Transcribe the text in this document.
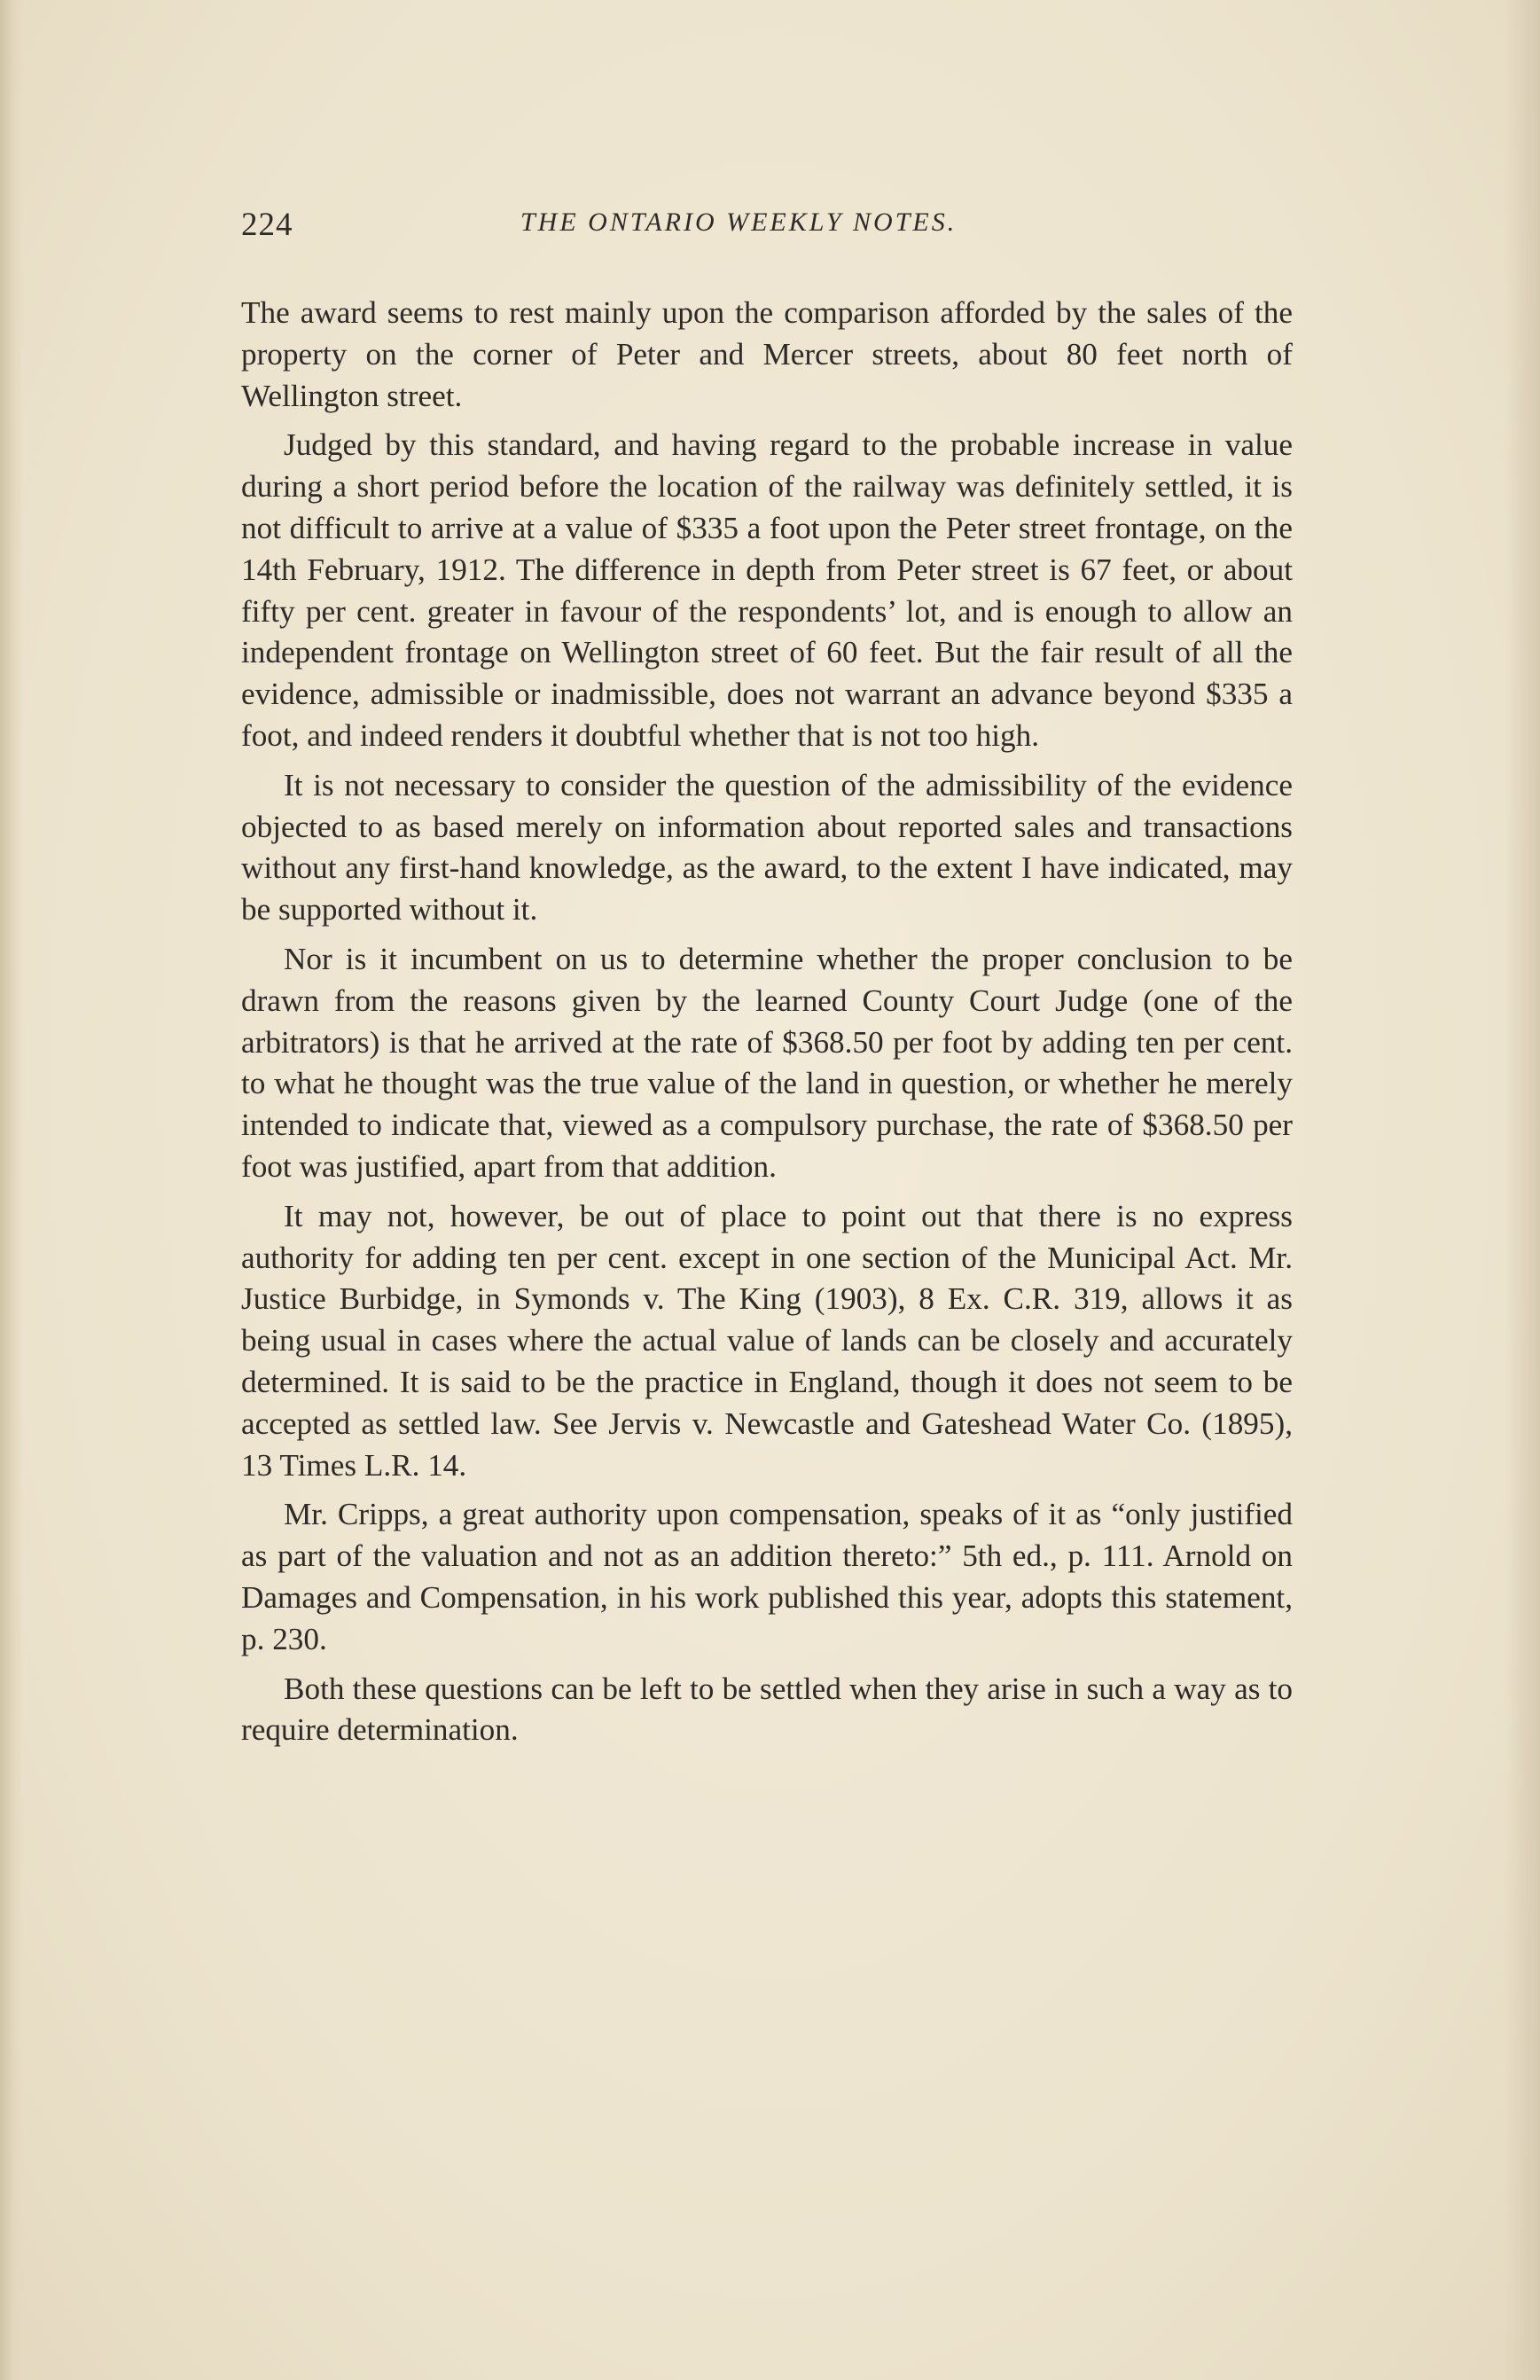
224	THE ONTARIO WEEKLY NOTES.

The award seems to rest mainly upon the comparison afforded by the sales of the property on the corner of Peter and Mercer streets, about 80 feet north of Wellington street.

Judged by this standard, and having regard to the probable increase in value during a short period before the location of the railway was definitely settled, it is not difficult to arrive at a value of $335 a foot upon the Peter street frontage, on the 14th February, 1912. The difference in depth from Peter street is 67 feet, or about fifty per cent. greater in favour of the respondents’ lot, and is enough to allow an independent frontage on Wellington street of 60 feet. But the fair result of all the evidence, admissible or inadmissible, does not warrant an advance beyond $335 a foot, and indeed renders it doubtful whether that is not too high.

It is not necessary to consider the question of the admissibility of the evidence objected to as based merely on information about reported sales and transactions without any first-hand knowledge, as the award, to the extent I have indicated, may be supported without it.

Nor is it incumbent on us to determine whether the proper conclusion to be drawn from the reasons given by the learned County Court Judge (one of the arbitrators) is that he arrived at the rate of $368.50 per foot by adding ten per cent. to what he thought was the true value of the land in question, or whether he merely intended to indicate that, viewed as a compulsory purchase, the rate of $368.50 per foot was justified, apart from that addition.

It may not, however, be out of place to point out that there is no express authority for adding ten per cent. except in one section of the Municipal Act. Mr. Justice Burbidge, in Symonds v. The King (1903), 8 Ex. C.R. 319, allows it as being usual in cases where the actual value of lands can be closely and accurately determined. It is said to be the practice in England, though it does not seem to be accepted as settled law. See Jervis v. Newcastle and Gateshead Water Co. (1895), 13 Times L.R. 14.

Mr. Cripps, a great authority upon compensation, speaks of it as “only justified as part of the valuation and not as an addition thereto:” 5th ed., p. 111. Arnold on Damages and Compensation, in his work published this year, adopts this statement, p. 230.

Both these questions can be left to be settled when they arise in such a way as to require determination.
